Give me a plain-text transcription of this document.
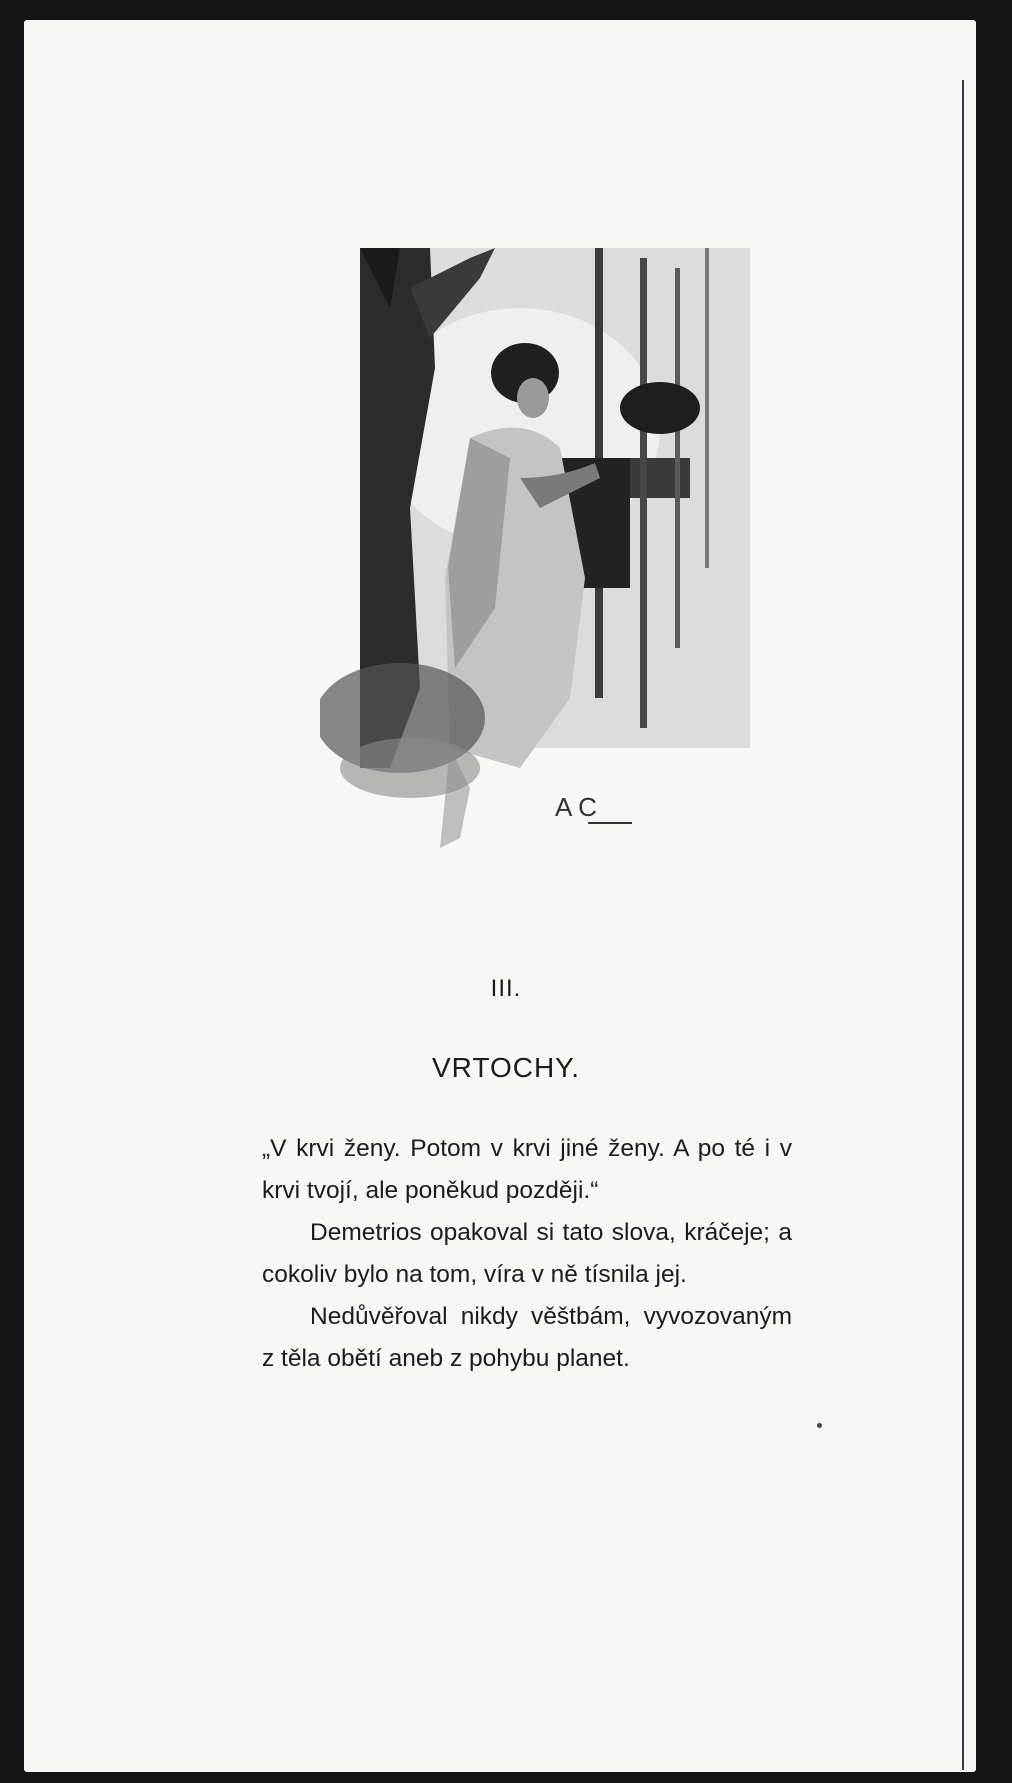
A C
III.
VRTOCHY.

„V krvi ženy. Potom v krvi jiné ženy. A po té i v krvi tvojí, ale poněkud později.“

Demetrios opakoval si tato slova, kráčeje; a cokoliv bylo na tom, víra v ně tísnila jej.

Nedůvěřoval nikdy věštbám, vyvozovaným z těla obětí aneb z pohybu planet.
